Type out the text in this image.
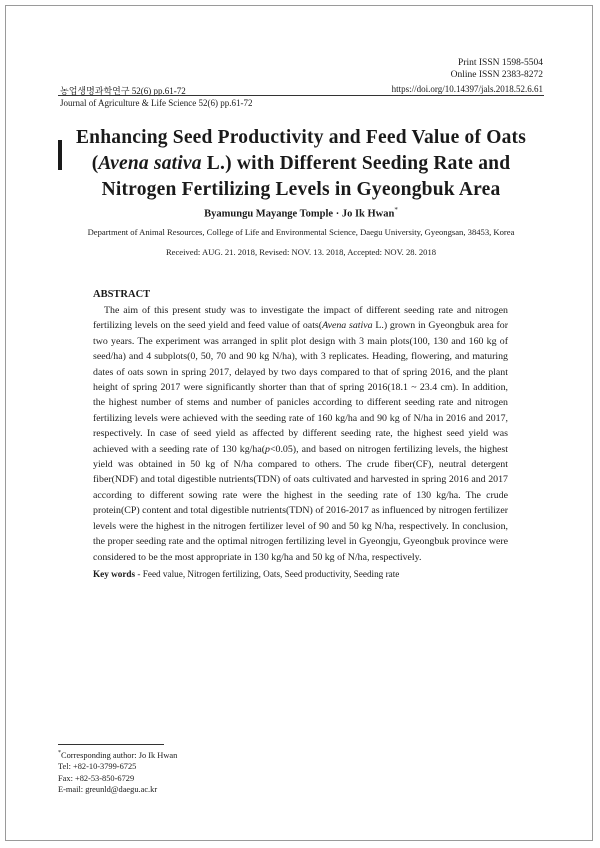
Print ISSN 1598-5504
Online ISSN 2383-8272
농업생명과학연구 52(6) pp.61-72	https://doi.org/10.14397/jals.2018.52.6.61
Journal of Agriculture & Life Science 52(6) pp.61-72
Enhancing Seed Productivity and Feed Value of Oats
(Avena sativa L.) with Different Seeding Rate and
Nitrogen Fertilizing Levels in Gyeongbuk Area
Byamungu Mayange Tomple · Jo Ik Hwan*
Department of Animal Resources, College of Life and Environmental Science, Daegu University, Gyeongsan, 38453, Korea
Received: AUG. 21. 2018, Revised: NOV. 13. 2018, Accepted: NOV. 28. 2018
ABSTRACT

The aim of this present study was to investigate the impact of different seeding rate and nitrogen fertilizing levels on the seed yield and feed value of oats(Avena sativa L.) grown in Gyeongbuk area for two years. The experiment was arranged in split plot design with 3 main plots(100, 130 and 160 kg of seed/ha) and 4 subplots(0, 50, 70 and 90 kg N/ha), with 3 replicates. Heading, flowering, and maturing dates of oats sown in spring 2017, delayed by two days compared to that of spring 2016, and the plant height of spring 2017 were significantly shorter than that of spring 2016(18.1 ~ 23.4 cm). In addition, the highest number of stems and number of panicles according to different seeding rate and nitrogen fertilizing levels were achieved with the seeding rate of 160 kg/ha and 90 kg of N/ha in 2016 and 2017, respectively. In case of seed yield as affected by different seeding rate, the highest seed yield was achieved with a seeding rate of 130 kg/ha(p<0.05), and based on nitrogen fertilizing levels, the highest yield was obtained in 50 kg of N/ha compared to others. The crude fiber(CF), neutral detergent fiber(NDF) and total digestible nutrients(TDN) of oats cultivated and harvested in spring 2016 and 2017 according to different sowing rate were the highest in the seeding rate of 130 kg/ha. The crude protein(CP) content and total digestible nutrients(TDN) of 2016-2017 as influenced by nitrogen fertilizer levels were the highest in the nitrogen fertilizer level of 90 and 50 kg N/ha, respectively. In conclusion, the proper seeding rate and the optimal nitrogen fertilizing level in Gyeongju, Gyeongbuk province were considered to be the most appropriate in 130 kg/ha and 50 kg of N/ha, respectively.

Key words - Feed value, Nitrogen fertilizing, Oats, Seed productivity, Seeding rate
*Corresponding author: Jo Ik Hwan
Tel: +82-10-3799-6725
Fax: +82-53-850-6729
E-mail: greunld@daegu.ac.kr
